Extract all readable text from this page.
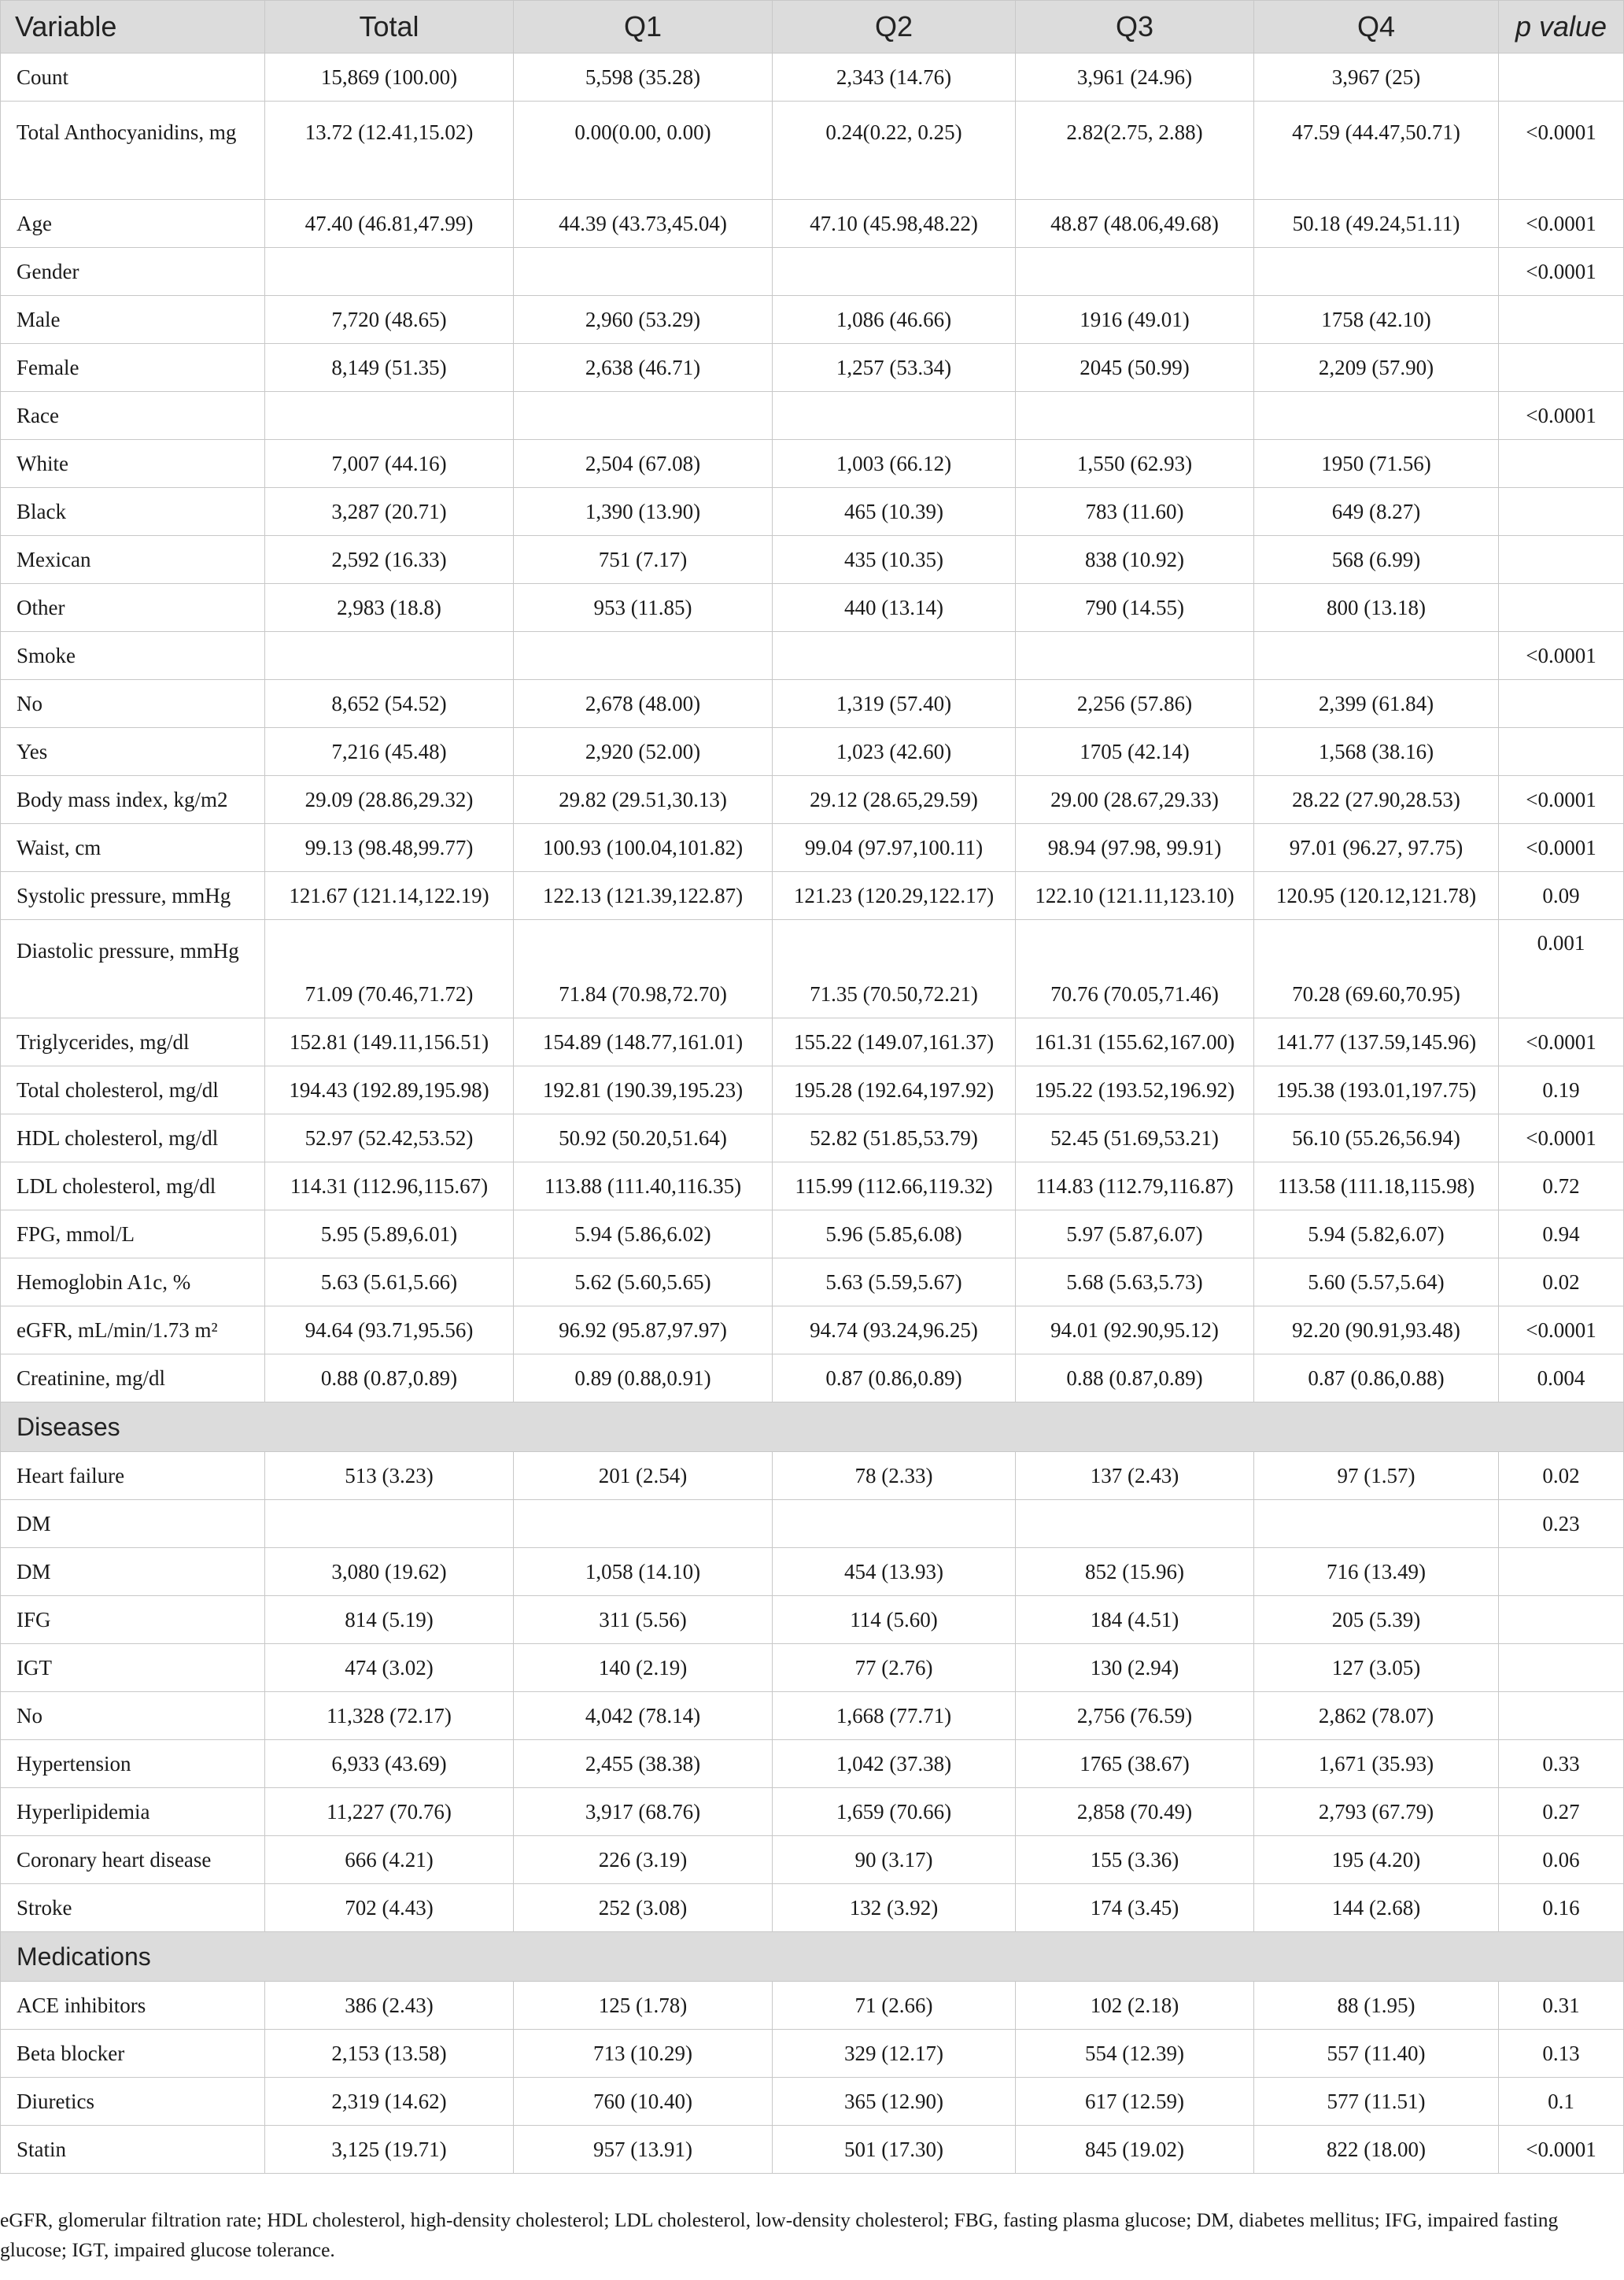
Variable	Total	Q1	Q2	Q3	Q4	p value
Count	15,869 (100.00)	5,598 (35.28)	2,343 (14.76)	3,961 (24.96)	3,967 (25)	
Total Anthocyanidins, mg	13.72 (12.41,15.02)	0.00(0.00, 0.00)	0.24(0.22, 0.25)	2.82(2.75, 2.88)	47.59 (44.47,50.71)	<0.0001
Age	47.40 (46.81,47.99)	44.39 (43.73,45.04)	47.10 (45.98,48.22)	48.87 (48.06,49.68)	50.18 (49.24,51.11)	<0.0001
Gender						<0.0001
Male	7,720 (48.65)	2,960 (53.29)	1,086 (46.66)	1916 (49.01)	1758 (42.10)	
Female	8,149 (51.35)	2,638 (46.71)	1,257 (53.34)	2045 (50.99)	2,209 (57.90)	
Race						<0.0001
White	7,007 (44.16)	2,504 (67.08)	1,003 (66.12)	1,550 (62.93)	1950 (71.56)	
Black	3,287 (20.71)	1,390 (13.90)	465 (10.39)	783 (11.60)	649 (8.27)	
Mexican	2,592 (16.33)	751 (7.17)	435 (10.35)	838 (10.92)	568 (6.99)	
Other	2,983 (18.8)	953 (11.85)	440 (13.14)	790 (14.55)	800 (13.18)	
Smoke						<0.0001
No	8,652 (54.52)	2,678 (48.00)	1,319 (57.40)	2,256 (57.86)	2,399 (61.84)	
Yes	7,216 (45.48)	2,920 (52.00)	1,023 (42.60)	1705 (42.14)	1,568 (38.16)	
Body mass index, kg/m2	29.09 (28.86,29.32)	29.82 (29.51,30.13)	29.12 (28.65,29.59)	29.00 (28.67,29.33)	28.22 (27.90,28.53)	<0.0001
Waist, cm	99.13 (98.48,99.77)	100.93 (100.04,101.82)	99.04 (97.97,100.11)	98.94 (97.98, 99.91)	97.01 (96.27, 97.75)	<0.0001
Systolic pressure, mmHg	121.67 (121.14,122.19)	122.13 (121.39,122.87)	121.23 (120.29,122.17)	122.10 (121.11,123.10)	120.95 (120.12,121.78)	0.09
Diastolic pressure, mmHg	71.09 (70.46,71.72)	71.84 (70.98,72.70)	71.35 (70.50,72.21)	70.76 (70.05,71.46)	70.28 (69.60,70.95)	0.001
Triglycerides, mg/dl	152.81 (149.11,156.51)	154.89 (148.77,161.01)	155.22 (149.07,161.37)	161.31 (155.62,167.00)	141.77 (137.59,145.96)	<0.0001
Total cholesterol, mg/dl	194.43 (192.89,195.98)	192.81 (190.39,195.23)	195.28 (192.64,197.92)	195.22 (193.52,196.92)	195.38 (193.01,197.75)	0.19
HDL cholesterol, mg/dl	52.97 (52.42,53.52)	50.92 (50.20,51.64)	52.82 (51.85,53.79)	52.45 (51.69,53.21)	56.10 (55.26,56.94)	<0.0001
LDL cholesterol, mg/dl	114.31 (112.96,115.67)	113.88 (111.40,116.35)	115.99 (112.66,119.32)	114.83 (112.79,116.87)	113.58 (111.18,115.98)	0.72
FPG, mmol/L	5.95 (5.89,6.01)	5.94 (5.86,6.02)	5.96 (5.85,6.08)	5.97 (5.87,6.07)	5.94 (5.82,6.07)	0.94
Hemoglobin A1c, %	5.63 (5.61,5.66)	5.62 (5.60,5.65)	5.63 (5.59,5.67)	5.68 (5.63,5.73)	5.60 (5.57,5.64)	0.02
eGFR, mL/min/1.73 m²	94.64 (93.71,95.56)	96.92 (95.87,97.97)	94.74 (93.24,96.25)	94.01 (92.90,95.12)	92.20 (90.91,93.48)	<0.0001
Creatinine, mg/dl	0.88 (0.87,0.89)	0.89 (0.88,0.91)	0.87 (0.86,0.89)	0.88 (0.87,0.89)	0.87 (0.86,0.88)	0.004
Diseases						
Heart failure	513 (3.23)	201 (2.54)	78 (2.33)	137 (2.43)	97 (1.57)	0.02
DM						0.23
DM	3,080 (19.62)	1,058 (14.10)	454 (13.93)	852 (15.96)	716 (13.49)	
IFG	814 (5.19)	311 (5.56)	114 (5.60)	184 (4.51)	205 (5.39)	
IGT	474 (3.02)	140 (2.19)	77 (2.76)	130 (2.94)	127 (3.05)	
No	11,328 (72.17)	4,042 (78.14)	1,668 (77.71)	2,756 (76.59)	2,862 (78.07)	
Hypertension	6,933 (43.69)	2,455 (38.38)	1,042 (37.38)	1765 (38.67)	1,671 (35.93)	0.33
Hyperlipidemia	11,227 (70.76)	3,917 (68.76)	1,659 (70.66)	2,858 (70.49)	2,793 (67.79)	0.27
Coronary heart disease	666 (4.21)	226 (3.19)	90 (3.17)	155 (3.36)	195 (4.20)	0.06
Stroke	702 (4.43)	252 (3.08)	132 (3.92)	174 (3.45)	144 (2.68)	0.16
Medications						
ACE inhibitors	386 (2.43)	125 (1.78)	71 (2.66)	102 (2.18)	88 (1.95)	0.31
Beta blocker	2,153 (13.58)	713 (10.29)	329 (12.17)	554 (12.39)	557 (11.40)	0.13
Diuretics	2,319 (14.62)	760 (10.40)	365 (12.90)	617 (12.59)	577 (11.51)	0.1
Statin	3,125 (19.71)	957 (13.91)	501 (17.30)	845 (19.02)	822 (18.00)	<0.0001
eGFR, glomerular filtration rate; HDL cholesterol, high-density cholesterol; LDL cholesterol, low-density cholesterol; FBG, fasting plasma glucose; DM, diabetes mellitus; IFG, impaired fasting glucose; IGT, impaired glucose tolerance.
